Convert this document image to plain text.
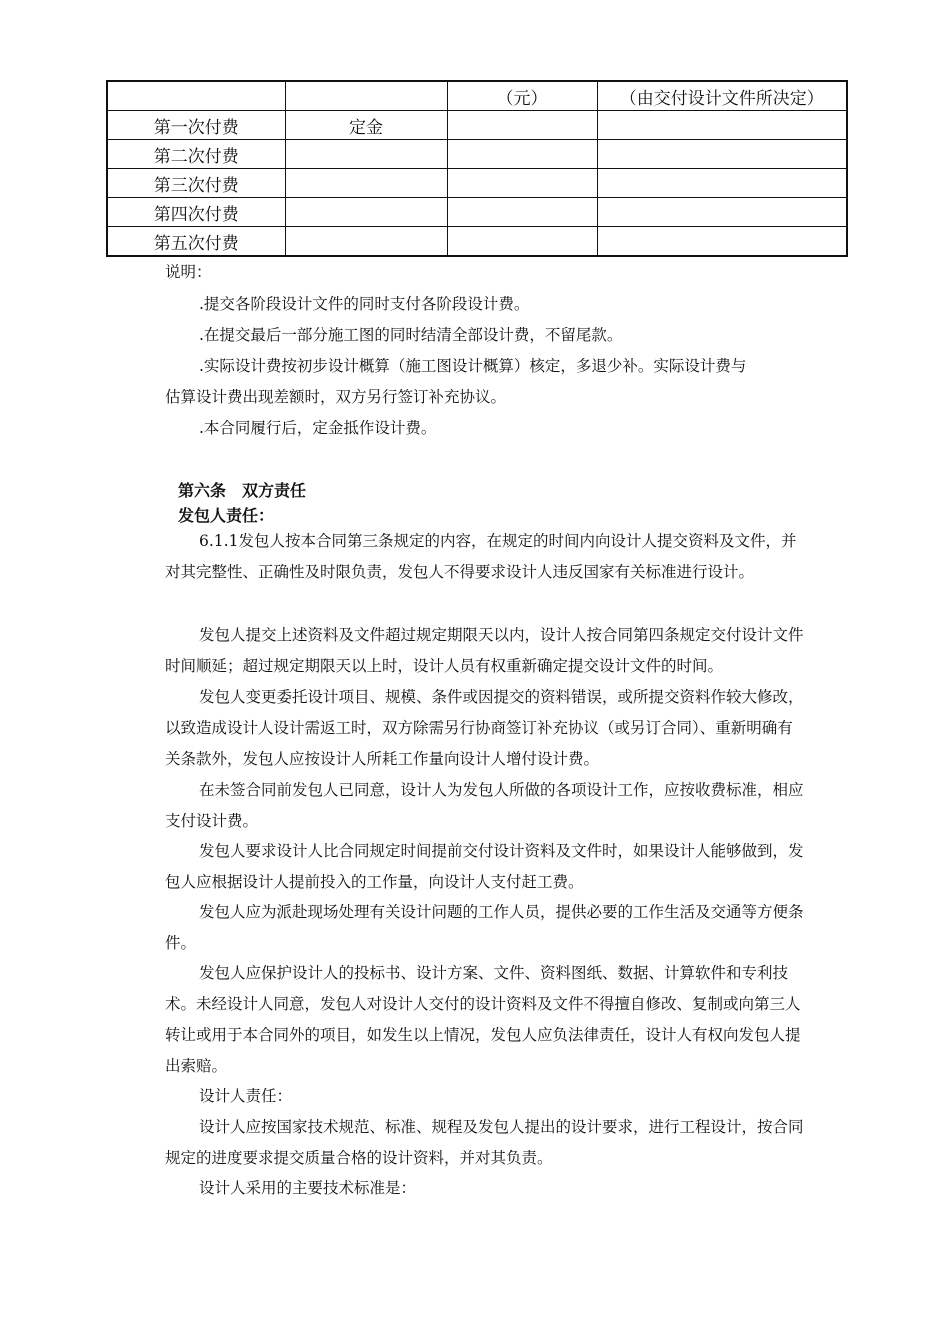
		（元）	（由交付设计文件所决定）
第一次付费	定金		
第二次付费			
第三次付费			
第四次付费			
第五次付费			
说明：
.提交各阶段设计文件的同时支付各阶段设计费。
.在提交最后一部分施工图的同时结清全部设计费，不留尾款。
.实际设计费按初步设计概算（施工图设计概算）核定，多退少补。实际设计费与
估算设计费出现差额时，双方另行签订补充协议。
.本合同履行后，定金抵作设计费。
第六条　双方责任
发包人责任：
6.1.1发包人按本合同第三条规定的内容，在规定的时间内向设计人提交资料及文件，并对其完整性、正确性及时限负责，发包人不得要求设计人违反国家有关标准进行设计。
发包人提交上述资料及文件超过规定期限天以内，设计人按合同第四条规定交付设计文件时间顺延；超过规定期限天以上时，设计人员有权重新确定提交设计文件的时间。
发包人变更委托设计项目、规模、条件或因提交的资料错误，或所提交资料作较大修改，以致造成设计人设计需返工时，双方除需另行协商签订补充协议（或另订合同）、重新明确有关条款外，发包人应按设计人所耗工作量向设计人增付设计费。
在未签合同前发包人已同意，设计人为发包人所做的各项设计工作，应按收费标准，相应支付设计费。
发包人要求设计人比合同规定时间提前交付设计资料及文件时，如果设计人能够做到，发包人应根据设计人提前投入的工作量，向设计人支付赶工费。
发包人应为派赴现场处理有关设计问题的工作人员，提供必要的工作生活及交通等方便条件。
发包人应保护设计人的投标书、设计方案、文件、资料图纸、数据、计算软件和专利技术。未经设计人同意，发包人对设计人交付的设计资料及文件不得擅自修改、复制或向第三人转让或用于本合同外的项目，如发生以上情况，发包人应负法律责任，设计人有权向发包人提出索赔。
设计人责任：
设计人应按国家技术规范、标准、规程及发包人提出的设计要求，进行工程设计，按合同规定的进度要求提交质量合格的设计资料，并对其负责。
设计人采用的主要技术标准是：
